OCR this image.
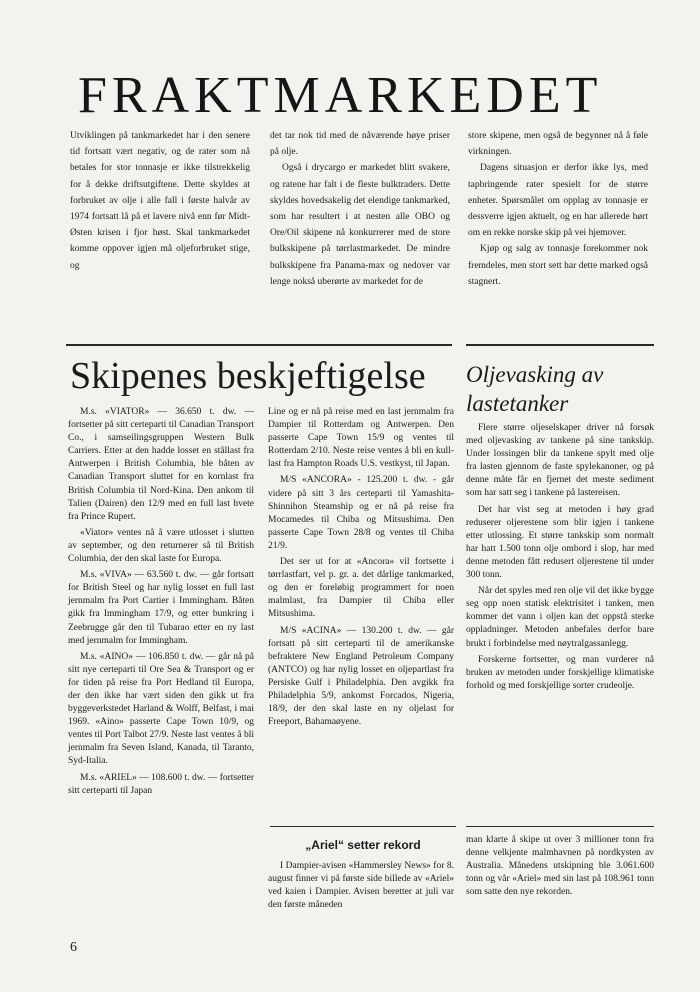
FRAKTMARKEDET

Utviklingen på tankmarkedet har i den senere tid fortsatt vært negativ, og de rater som nå betales for stor tonnasje er ikke tilstrekkelig for å dekke driftsutgiftene. Dette skyldes at forbruket av olje i alle fall i første halvår av 1974 fortsatt lå på et lavere nivå enn før Midt-Østen krisen i fjor høst. Skal tankmarkedet komme oppover igjen må oljeforbruket stige, og

det tar nok tid med de nåværende høye priser på olje.

Også i drycargo er markedet blitt svakere, og ratene har falt i de fleste bulktraders. Dette skyldes hovedsakelig det elendige tankmarked, som har resultert i at nesten alle OBO og Ore/Oil skipene nå konkurrerer med de store bulkskipene på tørrlastmarkedet. De mindre bulkskipene fra Panama-max og nedover var lenge nokså uberørte av markedet for de

store skipene, men også de begynner nå å føle virkningen.

Dagens situasjon er derfor ikke lys, med tapbringende rater spesielt for de større enheter. Spørsmålet om opplag av tonnasje er dessverre igjen aktuelt, og en har allerede hørt om en rekke norske skip på vei hjemover.

Kjøp og salg av tonnasje forekommer nok fremdeles, men stort sett har dette marked også stagnert.

Skipenes beskjeftigelse Oljevasking av
lastetanker

M.s. «VIATOR» — 36.650 t. dw. — fortsetter på sitt certeparti til Canadian Transport Co., i samseilingsgruppen Western Bulk Carriers. Etter at den hadde losset en stållast fra Antwerpen i British Columbia, ble båten av Canadian Transport sluttet for en kornlast fra British Columbia til Nord-Kina. Den ankom til Talien (Dairen) den 12/9 med en full last hvete fra Prince Rupert.

«Viator» ventes nå å være utlosset i slutten av september, og den returnerer så til British Columbia, der den skal laste for Europa.

M.s. «VIVA» — 63.560 t. dw. — går fortsatt for British Steel og har nylig losset en full last jernmalm fra Port Cartier i Immingham. Båten gikk fra Immingham 17/9, og etter bunkring i Zeebrugge går den til Tubarao etter en ny last med jernmalm for Immingham.

M.s. «AINO» — 106.850 t. dw. — går nå på sitt nye certeparti til Ore Sea & Transport og er for tiden på reise fra Port Hedland til Europa, der den ikke har vært siden den gikk ut fra byggeverkstedet Harland & Wolff, Belfast, i mai 1969. «Aino» passerte Cape Town 10/9, og ventes til Port Talbot 27/9. Neste last ventes å bli jernmalm fra Seven Island, Kanada, til Taranto, Syd-Italia.

M.s. «ARIEL» — 108.600 t. dw. — fortsetter sitt certeparti til Japan

Line og er nå på reise med en last jernmalm fra Dampier til Rotterdam og Antwerpen. Den passerte Cape Town 15/9 og ventes til Rotterdam 2/10. Neste reise ventes å bli en kull-last fra Hampton Roads U.S. vestkyst, til Japan.

M/S «ANCORA» - 125.200 t. dw. - går videre på sitt 3 års certeparti til Yamashita-Shinnihon Steamship og er nå på reise fra Mocamedes til Chiba og Mitsushima. Den passerte Cape Town 28/8 og ventes til Chiba 21/9.

Det ser ut for at «Ancora» vil fortsette i tørrlastfart, vel p. gr. a. det dårlige tankmarked, og den er foreløbig programmert for noen malmlast, fra Dampier til Chiba eller Mitsushima.

M/S «ACINA» — 130.200 t. dw. — går fortsatt på sitt certeparti til de amerikanske befraktere New England Petroleum Company (ANTCO) og har nylig losset en oljepartlast fra Persiske Gulf i Philadelphia. Den avgikk fra Philadelphia 5/9, ankomst Forcados, Nigeria, 18/9, der den skal laste en ny oljelast for Freeport, Bahamaøyene.

Flere større oljeselskaper driver nå forsøk med oljevasking av tankene på sine tankskip. Under lossingen blir da tankene spylt med olje fra lasten gjennom de faste spylekanoner, og på denne måte får en fjernet det meste sediment som har satt seg i tankene på lastereisen.

Det har vist seg at metoden i høy grad reduserer oljerestene som blir igjen i tankene etter utlossing. Et større tankskip som normalt har hatt 1.500 tonn olje ombord i slop, har med denne metoden fått redusert oljerestene til under 300 tonn.

Når det spyles med ren olje vil det ikke bygge seg opp noen statisk elektrisitet i tanken, men kommer det vann i oljen kan det oppstå sterke oppladninger. Metoden anbefales derfor bare brukt i forbindelse med nøytralgassanlegg.

Forskerne fortsetter, og man vurderer nå bruken av metoden under forskjellige klimatiske forhold og med forskjellige sorter crudeolje.

„Ariel“ setter rekord

I Dampier-avisen «Hammersley News» for 8. august finner vi på første side billede av «Ariel» ved kaien i Dampier. Avisen beretter at juli var den første måneden

man klarte å skipe ut over 3 millioner tonn fra denne velkjente malmhavnen på nordkysten av Australia. Månedens utskipning ble 3.061.600 tonn og vår «Ariel» med sin last på 108.961 tonn som satte den nye rekorden.

6
